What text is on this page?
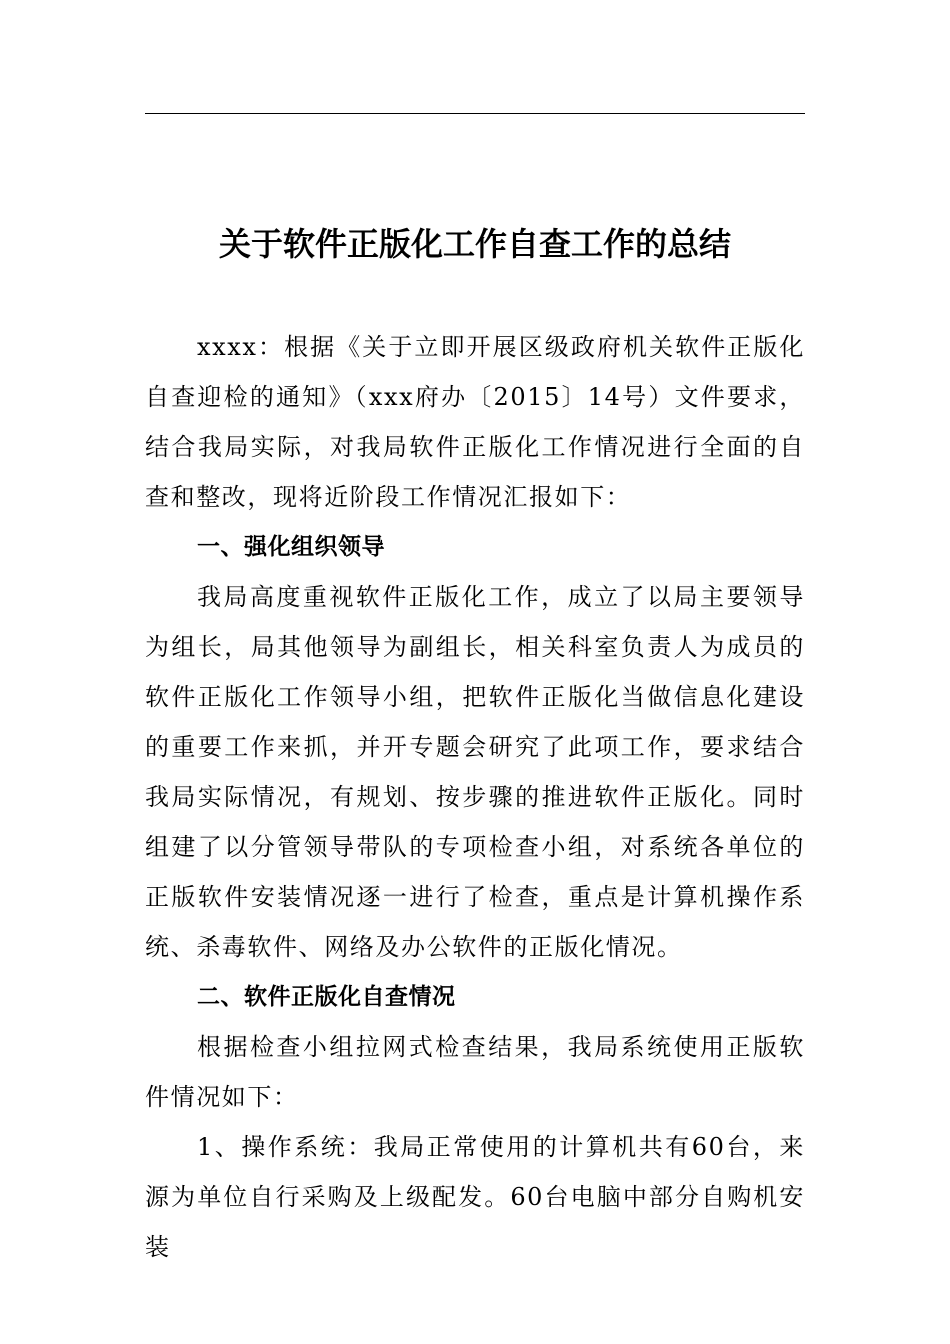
关于软件正版化工作自查工作的总结

xxxx：根据《关于立即开展区级政府机关软件正版化自查迎检的通知》（xxx府办〔2015〕14号）文件要求，结合我局实际，对我局软件正版化工作情况进行全面的自查和整改，现将近阶段工作情况汇报如下：

一、强化组织领导

我局高度重视软件正版化工作，成立了以局主要领导为组长，局其他领导为副组长，相关科室负责人为成员的软件正版化工作领导小组，把软件正版化当做信息化建设的重要工作来抓，并开专题会研究了此项工作，要求结合我局实际情况，有规划、按步骤的推进软件正版化。同时组建了以分管领导带队的专项检查小组，对系统各单位的正版软件安装情况逐一进行了检查，重点是计算机操作系统、杀毒软件、网络及办公软件的正版化情况。

二、软件正版化自查情况

根据检查小组拉网式检查结果，我局系统使用正版软件情况如下：

1、操作系统：我局正常使用的计算机共有60台，来源为单位自行采购及上级配发。60台电脑中部分自购机安装
